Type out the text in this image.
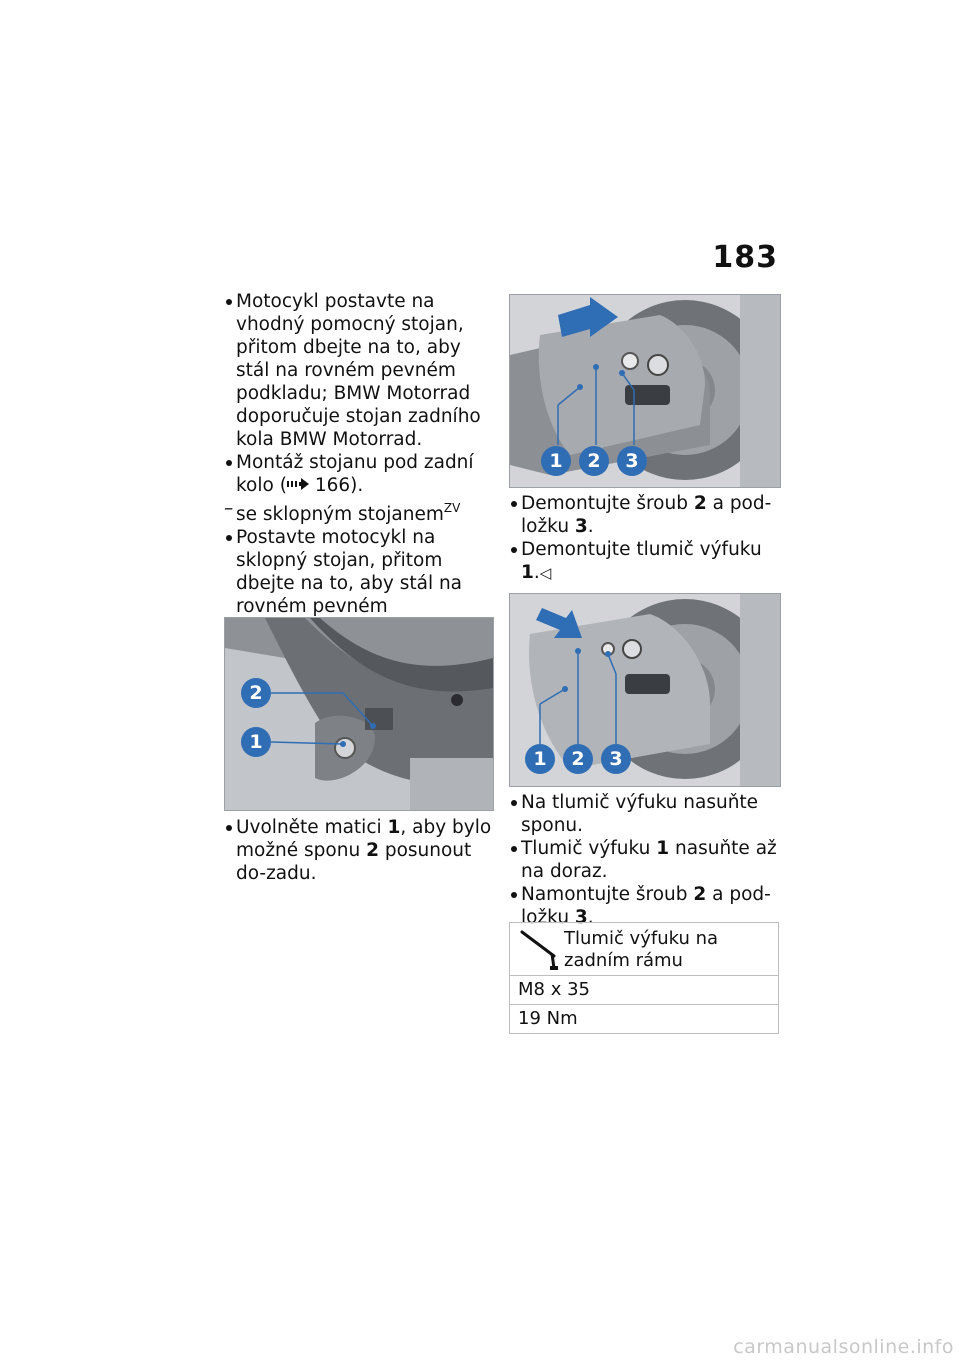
183
Motocykl postavte na vhodný pomocný stojan, přitom dbejte na to, aby stál na rovném pevném podkladu; BMW Motorrad doporučuje stojan zadního kola BMW Motorrad.
Montáž stojanu pod zadní kolo ( 166).
– se sklopným stojanem$^{ZV}$
Postavte motocykl na sklopný stojan, přitom dbejte na to, aby stál na rovném pevném
2
1
Uvolněte matici 1, aby bylo možné sponu 2 posunout do-zadu.
1	2	3
Demontujte šroub 2 a pod-ložku 3.
Demontujte tlumič výfuku 1.◁
1	2	3
Na tlumič výfuku nasuňte sponu.
Tlumič výfuku 1 nasuňte až na doraz.
Namontujte šroub 2 a pod-ložku 3.
Tlumič výfuku na zadním rámu

M8 x 35
19 Nm
carmanualsonline.info
